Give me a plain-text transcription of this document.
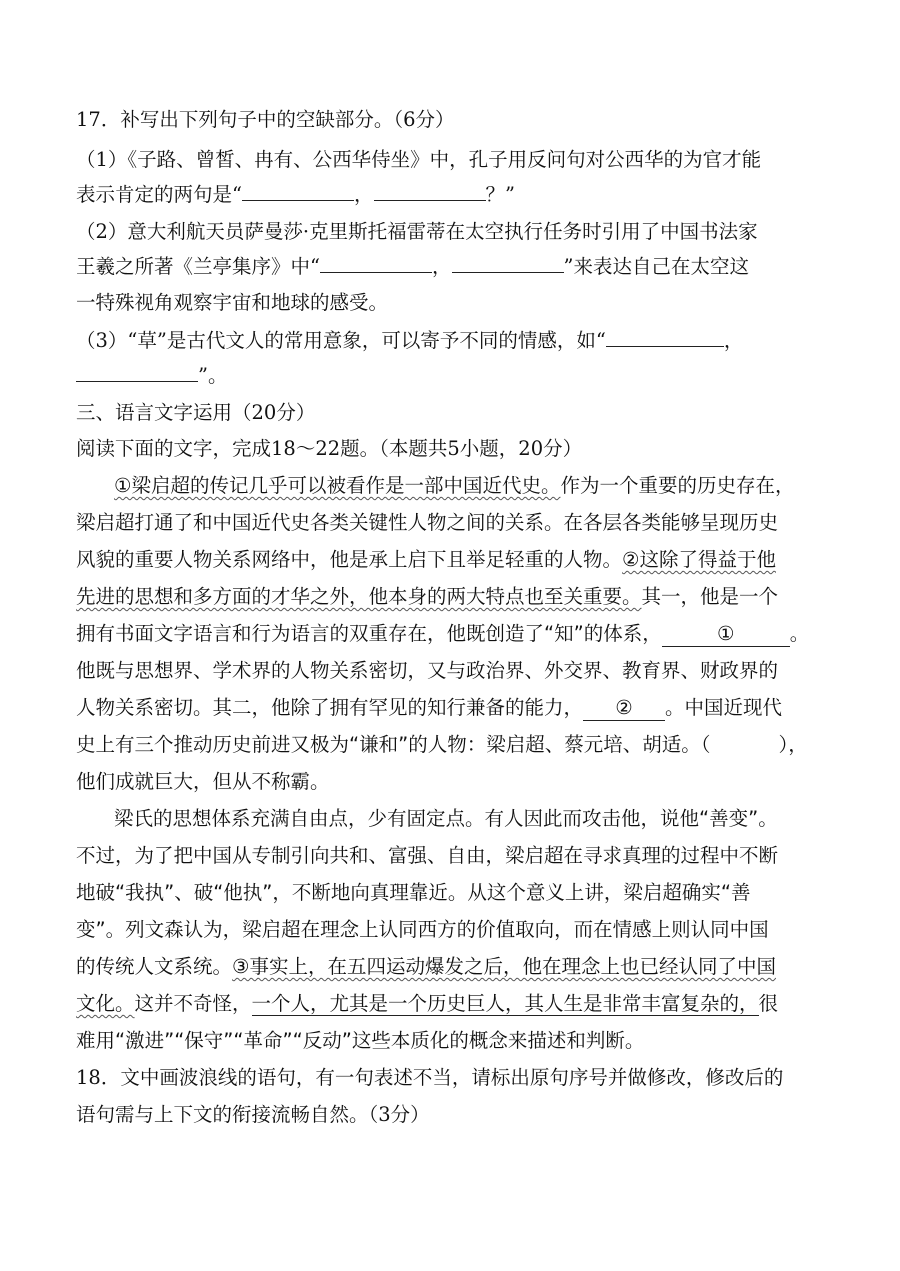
17．补写出下列句子中的空缺部分。（6分）
（1）《子路、曾皙、冉有、公西华侍坐》中，孔子用反问句对公西华的为官才能
表示肯定的两句是“	，	？”
（2）意大利航天员萨曼莎·克里斯托福雷蒂在太空执行任务时引用了中国书法家
王羲之所著《兰亭集序》中“	，	”来表达自己在太空这
一特殊视角观察宇宙和地球的感受。
（3）“草”是古代文人的常用意象，可以寄予不同的情感，如“	，
”。
三、语言文字运用（20分）
阅读下面的文字，完成18～22题。（本题共5小题，20分）
①梁启超的传记几乎可以被看作是一部中国近代史。作为一个重要的历史存在，
梁启超打通了和中国近代史各类关键性人物之间的关系。在各层各类能够呈现历史
风貌的重要人物关系网络中，他是承上启下且举足轻重的人物。②这除了得益于他
先进的思想和多方面的才华之外，他本身的两大特点也至关重要。其一，他是一个
拥有书面文字语言和行为语言的双重存在，他既创造了“知”的体系，	①	。
他既与思想界、学术界的人物关系密切，又与政治界、外交界、教育界、财政界的
人物关系密切。其二，他除了拥有罕见的知行兼备的能力， ② 。中国近现代
史上有三个推动历史前进又极为“谦和”的人物：梁启超、蔡元培、胡适。（	），
他们成就巨大，但从不称霸。
梁氏的思想体系充满自由点，少有固定点。有人因此而攻击他，说他“善变”。
不过，为了把中国从专制引向共和、富强、自由，梁启超在寻求真理的过程中不断
地破“我执”、破“他执”，不断地向真理靠近。从这个意义上讲，梁启超确实“善
变”。列文森认为，梁启超在理念上认同西方的价值取向，而在情感上则认同中国
的传统人文系统。③事实上，在五四运动爆发之后，他在理念上也已经认同了中国
文化。这并不奇怪，一个人，尤其是一个历史巨人，其人生是非常丰富复杂的，很
难用“激进”“保守”“革命”“反动”这些本质化的概念来描述和判断。
18．文中画波浪线的语句，有一句表述不当，请标出原句序号并做修改，修改后的
语句需与上下文的衔接流畅自然。（3分）
